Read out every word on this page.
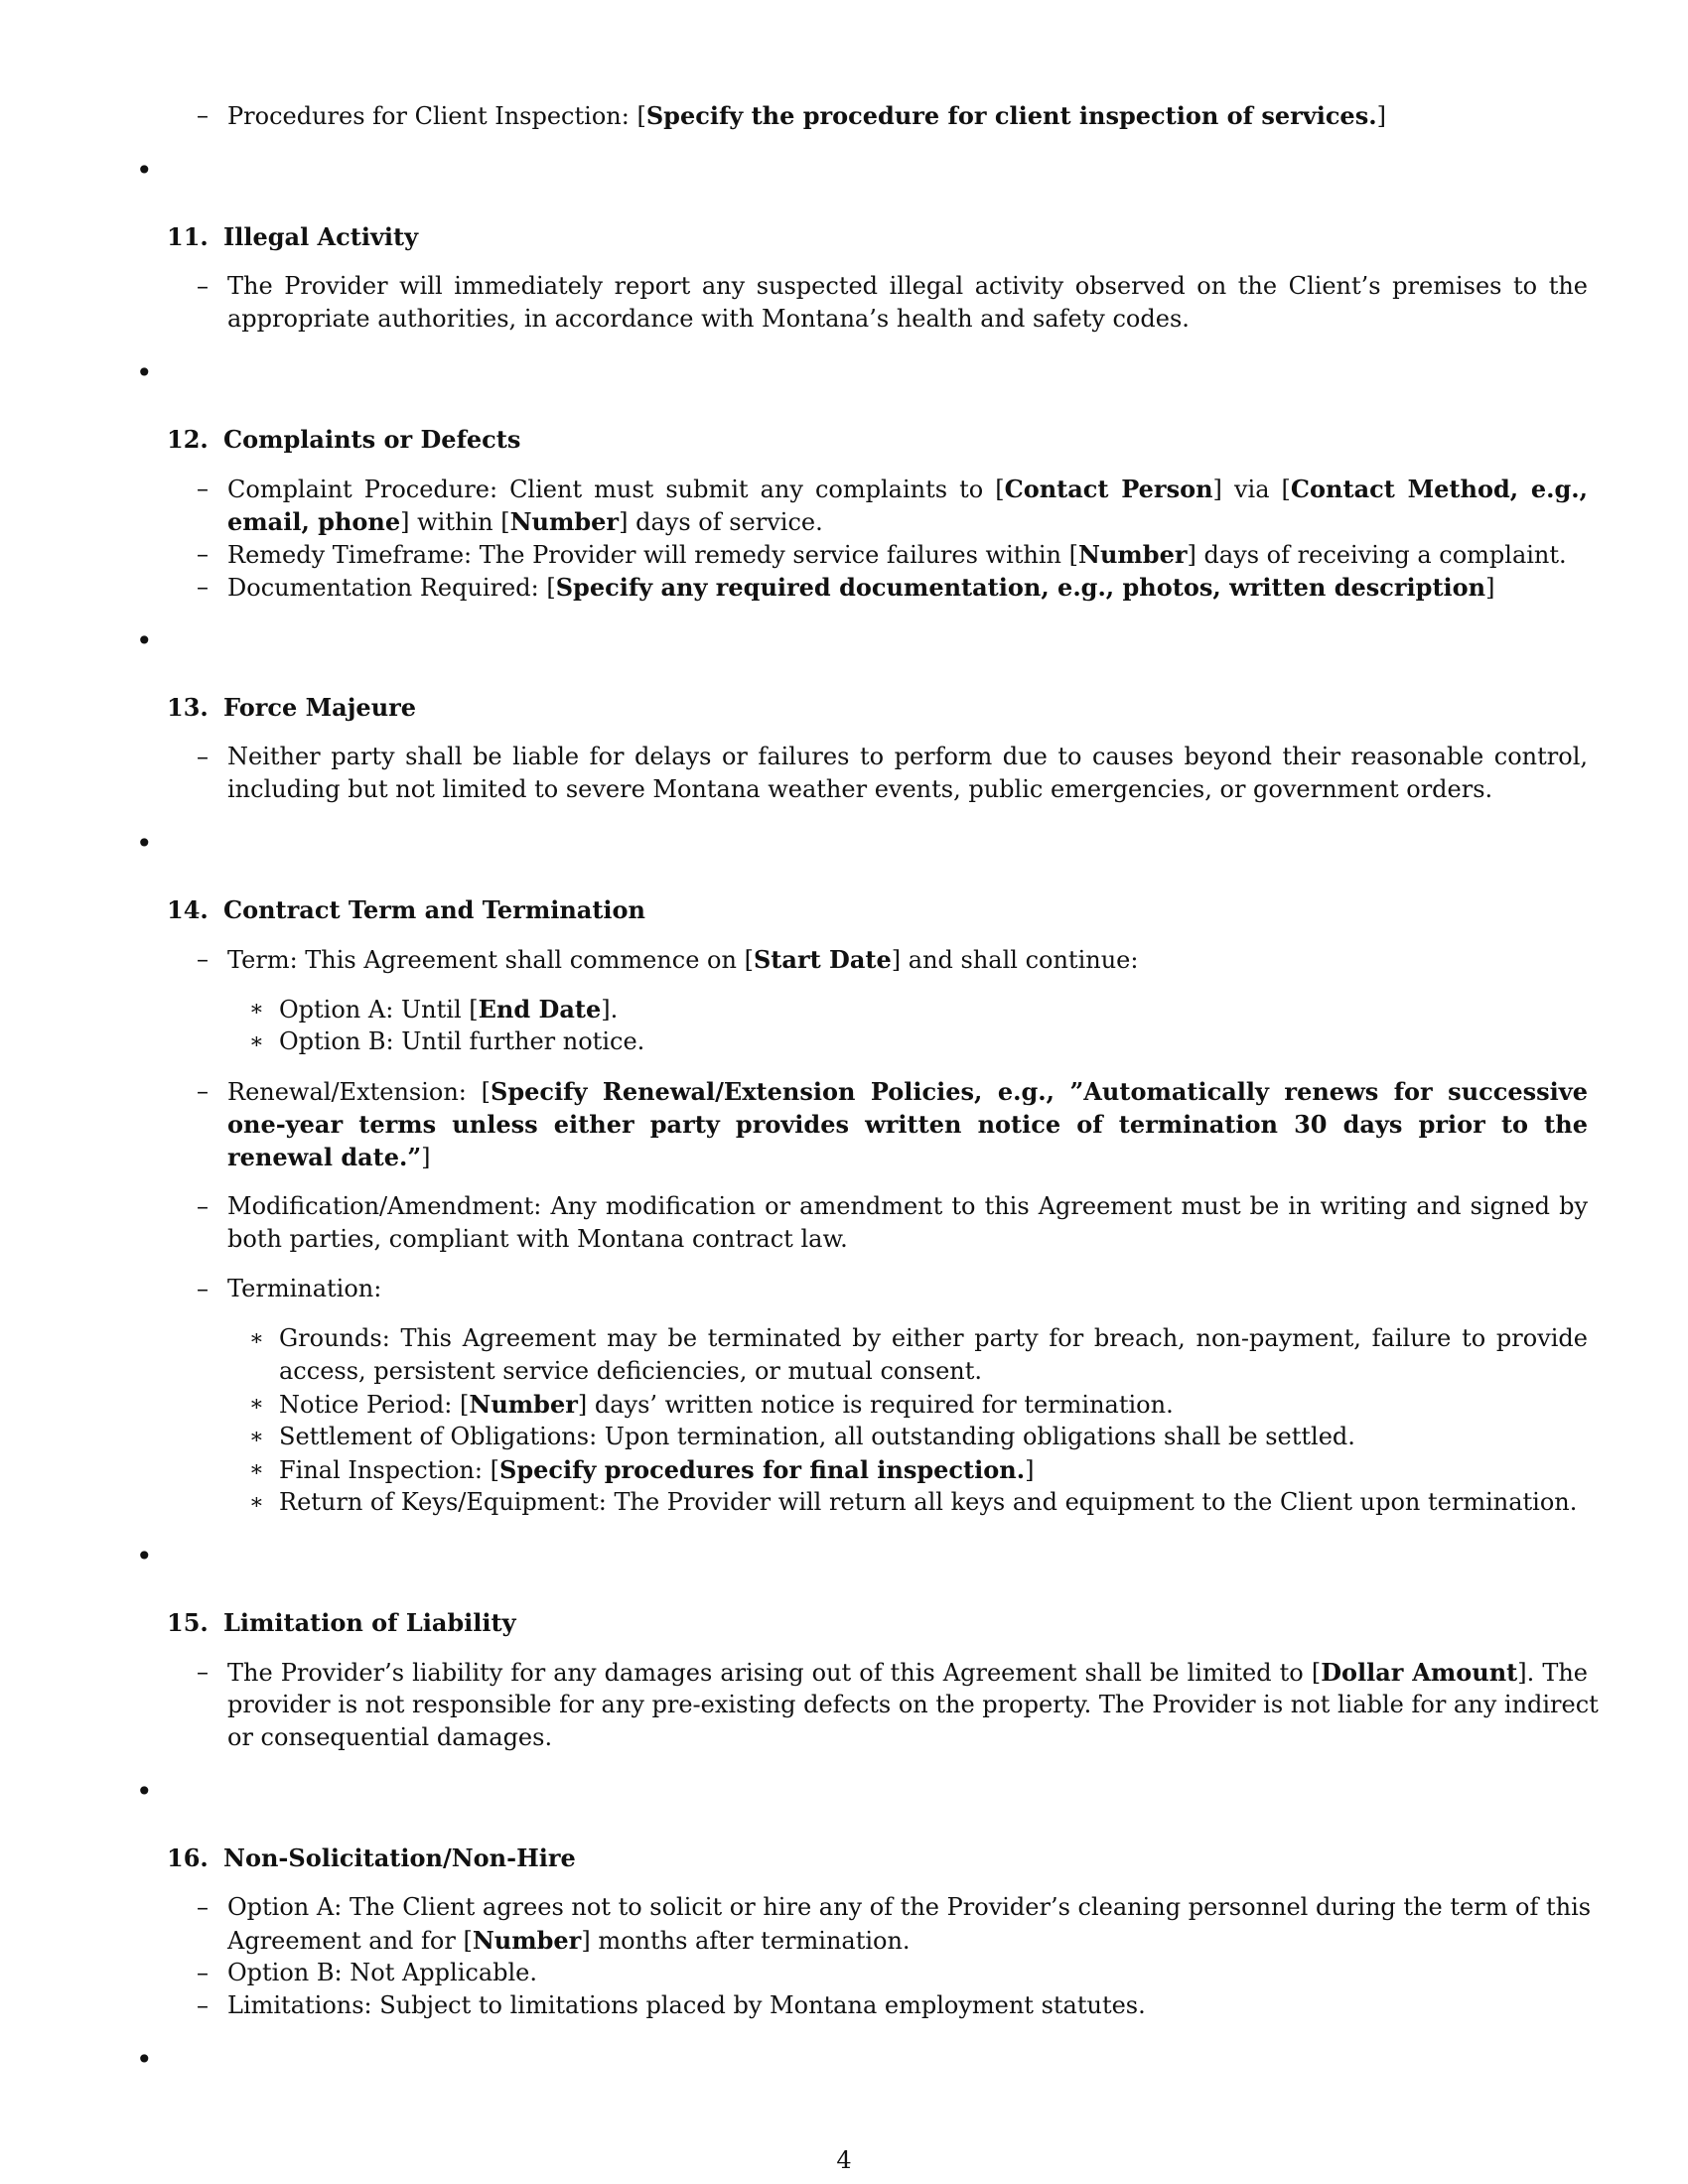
– Procedures for Client Inspection: [Specify the procedure for client inspection of services.]
•
11. Illegal Activity
– The Provider will immediately report any suspected illegal activity observed on the Client’s premises to the
appropriate authorities, in accordance with Montana’s health and safety codes.
•
12. Complaints or Defects
– Complaint Procedure: Client must submit any complaints to [Contact Person] via [Contact Method, e.g.,
email, phone] within [Number] days of service.
– Remedy Timeframe: The Provider will remedy service failures within [Number] days of receiving a complaint.
– Documentation Required: [Specify any required documentation, e.g., photos, written description]
•
13. Force Majeure
– Neither party shall be liable for delays or failures to perform due to causes beyond their reasonable control,
including but not limited to severe Montana weather events, public emergencies, or government orders.
•
14. Contract Term and Termination
– Term: This Agreement shall commence on [Start Date] and shall continue:
∗ Option A: Until [End Date].
∗ Option B: Until further notice.
– Renewal/Extension: [Specify Renewal/Extension Policies, e.g., ”Automatically renews for successive
one-year terms unless either party provides written notice of termination 30 days prior to the
renewal date.”]
– Modification/Amendment: Any modification or amendment to this Agreement must be in writing and signed by
both parties, compliant with Montana contract law.
– Termination:
∗ Grounds: This Agreement may be terminated by either party for breach, non-payment, failure to provide
access, persistent service deficiencies, or mutual consent.
∗ Notice Period: [Number] days’ written notice is required for termination.
∗ Settlement of Obligations: Upon termination, all outstanding obligations shall be settled.
∗ Final Inspection: [Specify procedures for final inspection.]
∗ Return of Keys/Equipment: The Provider will return all keys and equipment to the Client upon termination.
•
15. Limitation of Liability
– The Provider’s liability for any damages arising out of this Agreement shall be limited to [Dollar Amount]. The
provider is not responsible for any pre-existing defects on the property. The Provider is not liable for any indirect
or consequential damages.
•
16. Non-Solicitation/Non-Hire
– Option A: The Client agrees not to solicit or hire any of the Provider’s cleaning personnel during the term of this
Agreement and for [Number] months after termination.
– Option B: Not Applicable.
– Limitations: Subject to limitations placed by Montana employment statutes.
•
4
